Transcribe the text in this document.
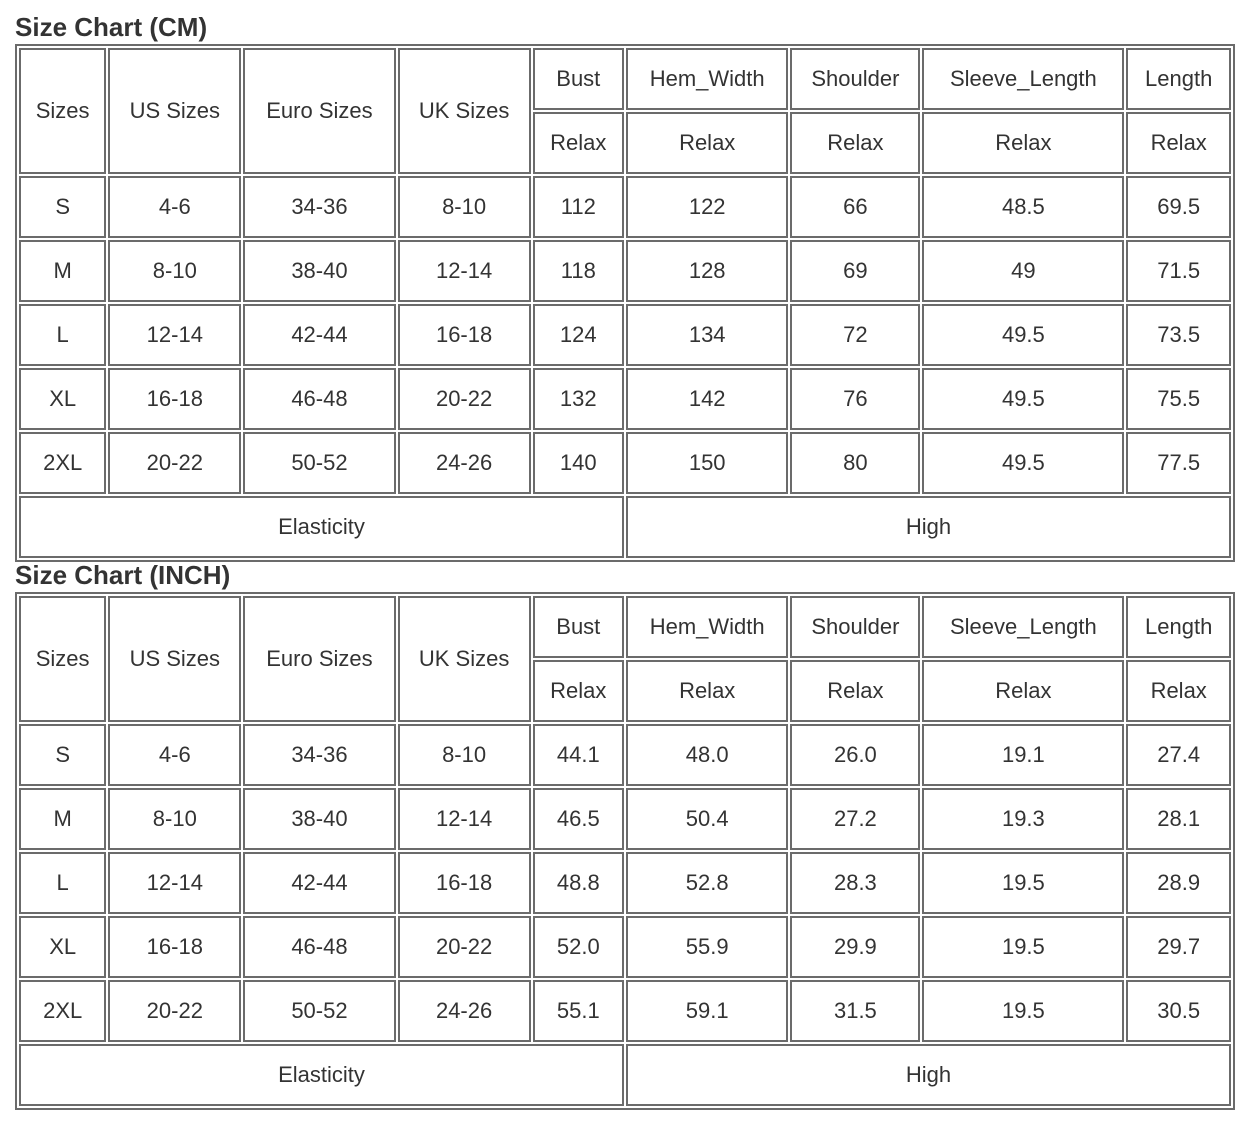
Size Chart (CM)
Sizes	US Sizes	Euro Sizes	UK Sizes	Bust	Hem_Width	Shoulder	Sleeve_Length	Length
				Relax	Relax	Relax	Relax	Relax
S	4-6	34-36	8-10	112	122	66	48.5	69.5
M	8-10	38-40	12-14	118	128	69	49	71.5
L	12-14	42-44	16-18	124	134	72	49.5	73.5
XL	16-18	46-48	20-22	132	142	76	49.5	75.5
2XL	20-22	50-52	24-26	140	150	80	49.5	77.5
Elasticity					High			
Size Chart (INCH)
Sizes	US Sizes	Euro Sizes	UK Sizes	Bust	Hem_Width	Shoulder	Sleeve_Length	Length
				Relax	Relax	Relax	Relax	Relax
S	4-6	34-36	8-10	44.1	48.0	26.0	19.1	27.4
M	8-10	38-40	12-14	46.5	50.4	27.2	19.3	28.1
L	12-14	42-44	16-18	48.8	52.8	28.3	19.5	28.9
XL	16-18	46-48	20-22	52.0	55.9	29.9	19.5	29.7
2XL	20-22	50-52	24-26	55.1	59.1	31.5	19.5	30.5
Elasticity					High			
